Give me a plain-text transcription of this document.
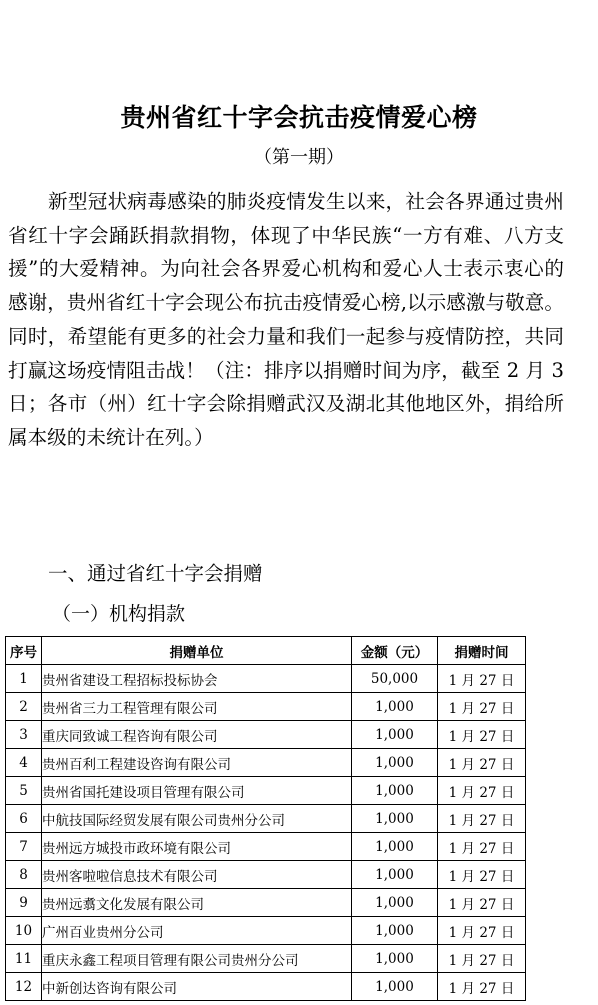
贵州省红十字会抗击疫情爱心榜
（第一期）

新型冠状病毒感染的肺炎疫情发生以来，社会各界通过贵州省红十字会踊跃捐款捐物，体现了中华民族“一方有难、八方支援”的大爱精神。为向社会各界爱心机构和爱心人士表示衷心的感谢，贵州省红十字会现公布抗击疫情爱心榜,以示感激与敬意。同时，希望能有更多的社会力量和我们一起参与疫情防控，共同打赢这场疫情阻击战！（注：排序以捐赠时间为序，截至 2 月 3 日；各市（州）红十字会除捐赠武汉及湖北其他地区外，捐给所属本级的未统计在列。）

一、通过省红十字会捐赠
（一）机构捐款
序号	捐赠单位	金额（元）	捐赠时间
1	贵州省建设工程招标投标协会	50,000	1 月 27 日
2	贵州省三力工程管理有限公司	1,000	1 月 27 日
3	重庆同致诚工程咨询有限公司	1,000	1 月 27 日
4	贵州百利工程建设咨询有限公司	1,000	1 月 27 日
5	贵州省国托建设项目管理有限公司	1,000	1 月 27 日
6	中航技国际经贸发展有限公司贵州分公司	1,000	1 月 27 日
7	贵州远方城投市政环境有限公司	1,000	1 月 27 日
8	贵州客啦啦信息技术有限公司	1,000	1 月 27 日
9	贵州远翥文化发展有限公司	1,000	1 月 27 日
10	广州百业贵州分公司	1,000	1 月 27 日
11	重庆永鑫工程项目管理有限公司贵州分公司	1,000	1 月 27 日
12	中新创达咨询有限公司	1,000	1 月 27 日
